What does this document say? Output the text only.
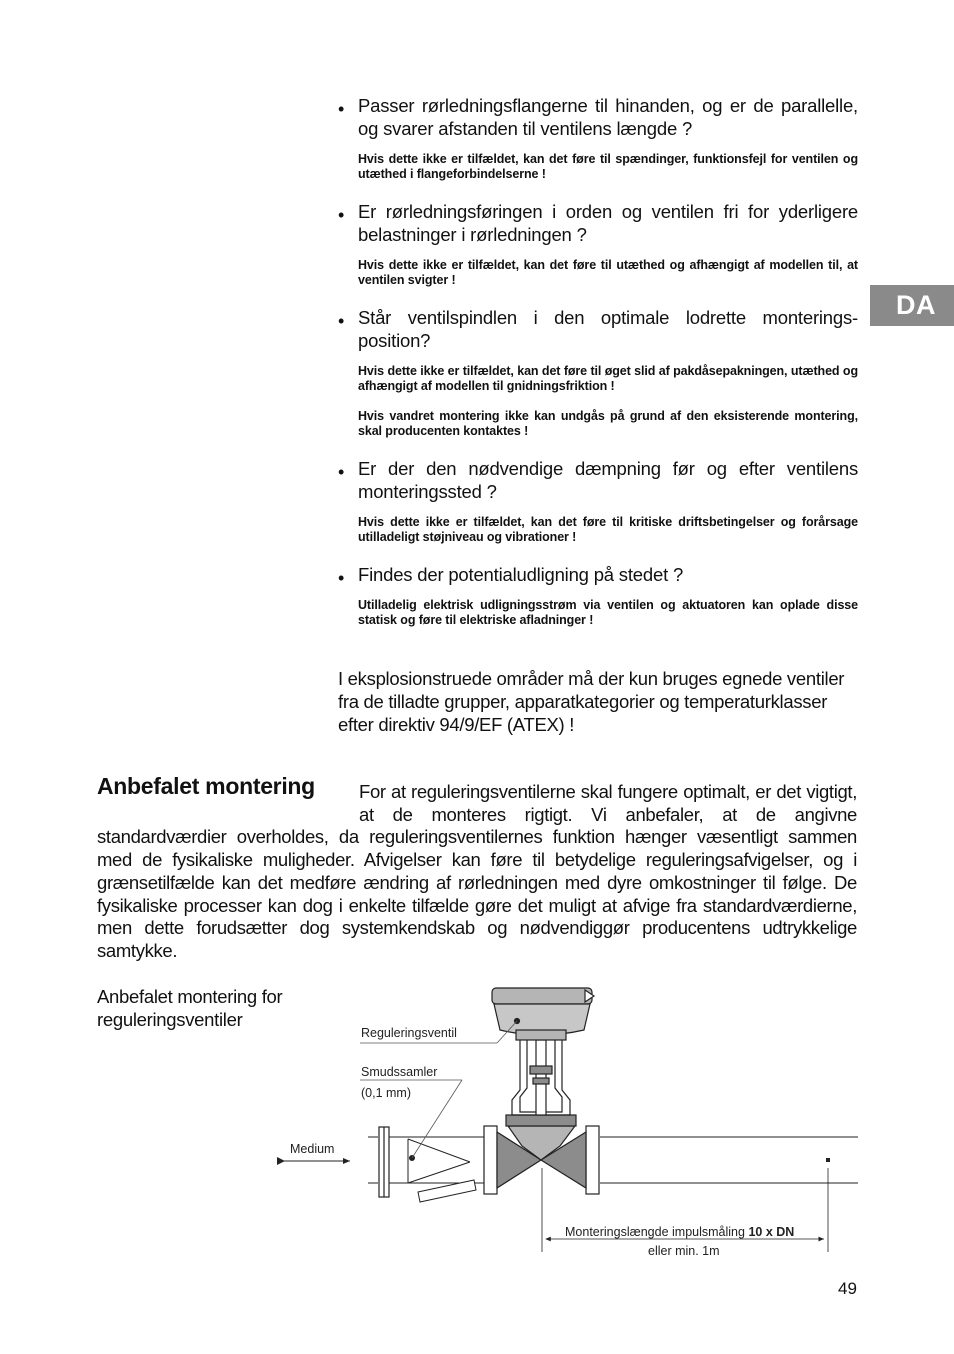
DA
• Passer rørledningsflangerne til hinanden, og er de parallelle, og svarer afstanden til ventilens længde ?
Hvis dette ikke er tilfældet, kan det føre til spændinger, funktionsfejl for ventilen og utæthed i flangeforbindelserne !
• Er rørledningsføringen i orden og ventilen fri for yderligere belastninger i rørledningen ?
Hvis dette ikke er tilfældet, kan det føre til utæthed og afhængigt af modellen til, at ventilen svigter !
• Står ventilspindlen i den optimale lodrette monterings-position?
Hvis dette ikke er tilfældet, kan det føre til øget slid af pakdåsepakningen, utæthed og afhængigt af modellen til gnidningsfriktion !
Hvis vandret montering ikke kan undgås på grund af den eksisterende montering, skal producenten kontaktes !
• Er der den nødvendige dæmpning før og efter ventilens monteringssted ?
Hvis dette ikke er tilfældet, kan det føre til kritiske driftsbetingelser og forårsage utilladeligt støjniveau og vibrationer !
• Findes der potentialudligning på stedet ?
Utilladelig elektrisk udligningsstrøm via ventilen og aktuatoren kan oplade disse statisk og føre til elektriske afladninger !
I eksplosionstruede områder må der kun bruges egnede ventiler fra de tilladte grupper, apparatkategorier og temperaturklasser efter direktiv 94/9/EF (ATEX) !
Anbefalet montering	For at reguleringsventilerne skal fungere optimalt, er det vigtigt, at de monteres rigtigt. Vi anbefaler, at de angivne standardværdier overholdes, da reguleringsventilernes funktion hænger væsentligt sammen med de fysikaliske muligheder. Afvigelser kan føre til betydelige reguleringsafvigelser, og i grænsetilfælde kan det medføre ændring af rørledningen med dyre omkostninger til følge. De fysikaliske processer kan dog i enkelte tilfælde gøre det muligt at afvige fra standardværdierne, men dette forudsætter dog systemkendskab og nødvendiggør producentens udtrykkelige samtykke.
Anbefalet montering for reguleringsventiler
Reguleringsventil
Smudssamler
(0,1 mm)
Medium
Monteringslængde impulsmåling 10 x DN
eller min. 1m
49
